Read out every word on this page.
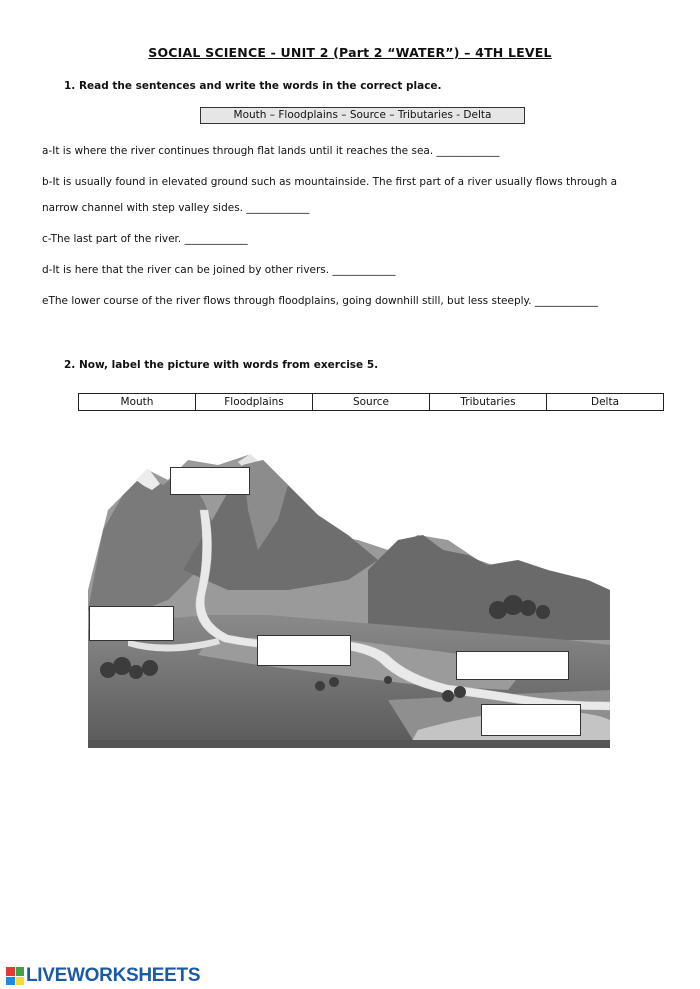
SOCIAL SCIENCE - UNIT 2 (Part 2 “WATER”) – 4TH LEVEL
1. Read the sentences and write the words in the correct place.
Mouth – Floodplains – Source – Tributaries - Delta
a-It is where the river continues through flat lands until it reaches the sea. ____________
b-It is usually found in elevated ground such as mountainside. The first part of a river usually flows through a
narrow channel with step valley sides. ____________
c-The last part of the river. ____________
d-It is here that the river can be joined by other rivers. ____________
eThe lower course of the river flows through floodplains, going downhill still, but less steeply. ____________
2. Now, label the picture with words from exercise 5.
Mouth	Floodplains	Source	Tributaries	Delta
LIVEWORKSHEETS
